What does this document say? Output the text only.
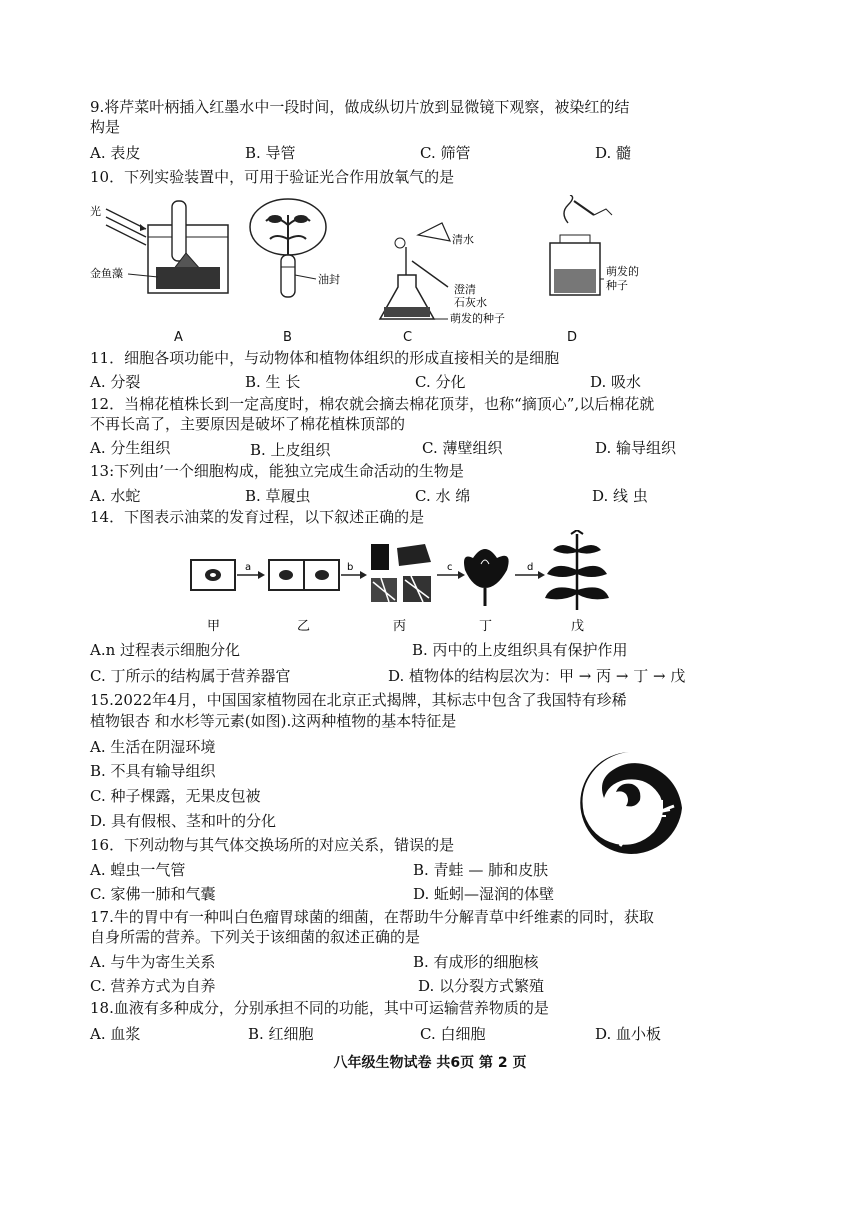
9.将芹菜叶柄插入红墨水中一段时间，做成纵切片放到显微镜下观察，被染红的结
构是
A. 表皮	B. 导管	C. 筛管	D. 髓
10．下列实验装置中，可用于验证光合作用放氧气的是
光
金鱼藻	油封
清水
澄清
石灰水
萌发的种子
萌发的
种子
A	B	C	D
11．细胞各项功能中，与动物体和植物体组织的形成直接相关的是细胞
A. 分裂	B. 生 长	C. 分化	D. 吸水
12．当棉花植株长到一定高度时，棉农就会摘去棉花顶芽，也称“摘顶心”,以后棉花就
不再长高了，主要原因是破坏了棉花植株顶部的
A. 分生组织	B. 上皮组织	C. 薄壁组织	D. 输导组织
13:下列由’一个细胞构成，能独立完成生命活动的生物是
A. 水蛇	B. 草履虫	C. 水 绵	D. 线 虫
14．下图表示油菜的发育过程，以下叙述正确的是
a	b	c	d
甲	乙	丙	丁	戊
A.n 过程表示细胞分化	B. 丙中的上皮组织具有保护作用
C. 丁所示的结构属于营养器官	D. 植物体的结构层次为：甲 → 丙 → 丁 → 戊
15.2022年4月，中国国家植物园在北京正式揭牌，其标志中包含了我国特有珍稀
植物银杏 和水杉等元素(如图).这两种植物的基本特征是
A. 生活在阴湿环境
B. 不具有输导组织
C. 种子棵露，无果皮包被
D. 具有假根、茎和叶的分化
16．下列动物与其气体交换场所的对应关系，错误的是
A. 蝗虫一气管	B. 青蛙 — 肺和皮肤
C. 家佛一肺和气囊	D. 蚯蚓—湿润的体壁
17.牛的胃中有一种叫白色瘤胃球菌的细菌，在帮助牛分解青草中纤维素的同时，获取
自身所需的营养。下列关于该细菌的叙述正确的是
A. 与牛为寄生关系	B. 有成形的细胞核
C. 营养方式为自养	D. 以分裂方式繁殖
18.血液有多种成分，分别承担不同的功能，其中可运输营养物质的是
A. 血浆	B. 红细胞	C. 白细胞	D. 血小板
八年级生物试卷 共6页 第 2 页
